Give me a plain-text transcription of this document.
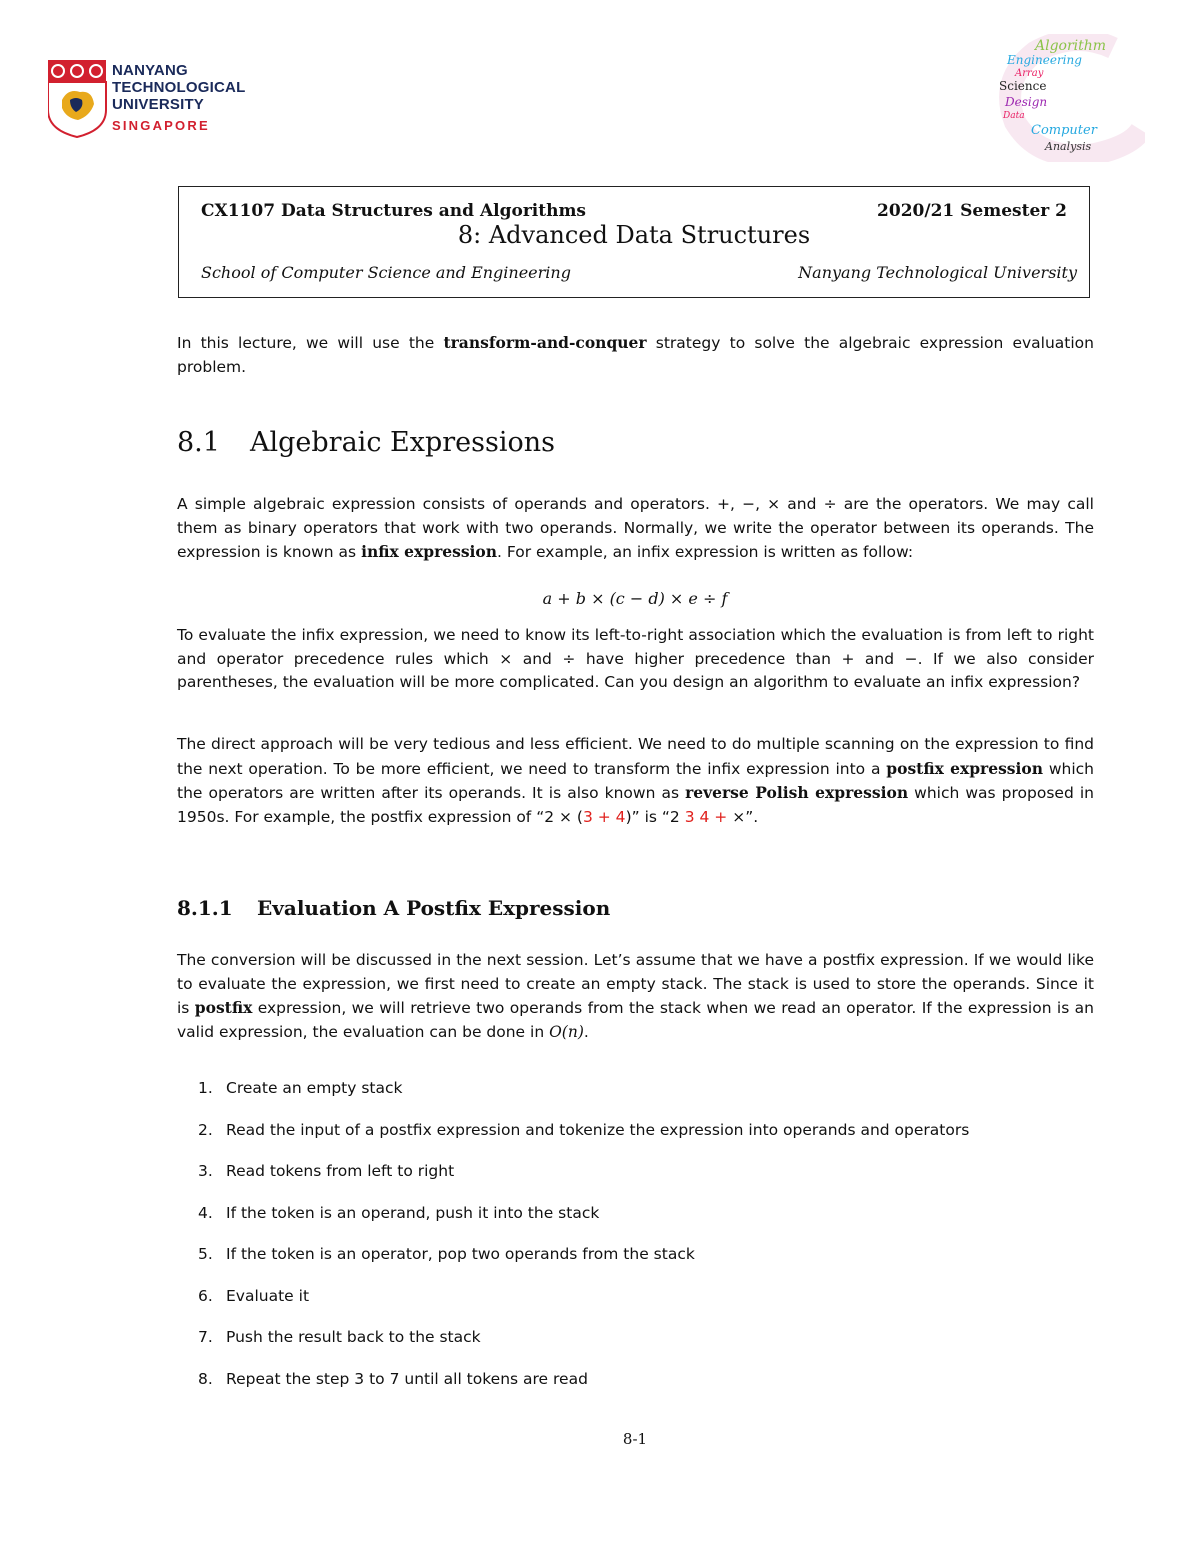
NANYANG
TECHNOLOGICAL
UNIVERSITY
SINGAPORE
Algorithm
Engineering
Array
Science
Design
Data
Computer
Analysis
CX1107 Data Structures and Algorithms	2020/21 Semester 2
8: Advanced Data Structures
School of Computer Science and Engineering	Nanyang Technological University
In this lecture, we will use the transform-and-conquer strategy to solve the algebraic expression evaluation problem.
8.1 Algebraic Expressions
A simple algebraic expression consists of operands and operators. +, −, × and ÷ are the operators. We may call them as binary operators that work with two operands. Normally, we write the operator between its operands. The expression is known as infix expression. For example, an infix expression is written as follow:
a + b × (c − d) × e ÷ f
To evaluate the infix expression, we need to know its left-to-right association which the evaluation is from left to right and operator precedence rules which × and ÷ have higher precedence than + and −. If we also consider parentheses, the evaluation will be more complicated. Can you design an algorithm to evaluate an infix expression?
The direct approach will be very tedious and less efficient. We need to do multiple scanning on the expression to find the next operation. To be more efficient, we need to transform the infix expression into a postfix expression which the operators are written after its operands. It is also known as reverse Polish expression which was proposed in 1950s. For example, the postfix expression of “2 × (3 + 4)” is “2 3 4 + ×”.
8.1.1 Evaluation A Postfix Expression
The conversion will be discussed in the next session. Let’s assume that we have a postfix expression. If we would like to evaluate the expression, we first need to create an empty stack. The stack is used to store the operands. Since it is postfix expression, we will retrieve two operands from the stack when we read an operator. If the expression is an valid expression, the evaluation can be done in O(n).
1. Create an empty stack
2. Read the input of a postfix expression and tokenize the expression into operands and operators
3. Read tokens from left to right
4. If the token is an operand, push it into the stack
5. If the token is an operator, pop two operands from the stack
6. Evaluate it
7. Push the result back to the stack
8. Repeat the step 3 to 7 until all tokens are read
8-1
